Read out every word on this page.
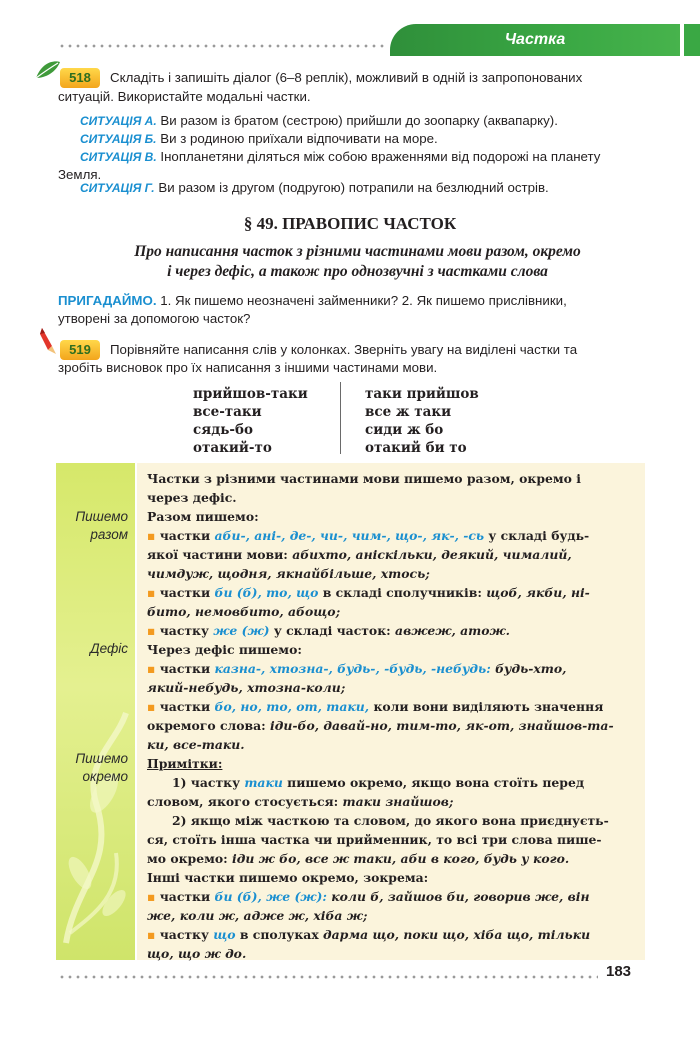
Частка
518	Складіть і запишіть діалог (6–8 реплік), можливий в одній із запропонованих
ситуацій. Використайте модальні частки.
СИТУАЦІЯ А. Ви разом із братом (сестрою) прийшли до зоопарку (аквапарку).
СИТУАЦІЯ Б. Ви з родиною приїхали відпочивати на море.
СИТУАЦІЯ В. Інопланетяни діляться між собою враженнями від подорожі на планету
Земля.
СИТУАЦІЯ Г. Ви разом із другом (подругою) потрапили на безлюдний острів.
§ 49. ПРАВОПИС ЧАСТОК
Про написання часток з різними частинами мови разом, окремо
і через дефіс, а також про однозвучні з частками слова
ПРИГАДАЙМО. 1. Як пишемо неозначені займенники? 2. Як пишемо прислівники,
утворені за допомогою часток?
519	Порівняйте написання слів у колонках. Зверніть увагу на виділені частки та
зробіть висновок про їх написання з іншими частинами мови.
прийшов-таки
все-таки
сядь-бо
отакий-то
таки прийшов
все ж таки
сиди ж бо
отакий би то
Пишемо
разом
Дефіс
Пишемо
окремо
Частки з різними частинами мови пишемо разом, окремо і
через дефіс.
Разом пишемо:
▪ частки аби-, ані-, де-, чи-, чим-, що-, як-, -сь у складі будь-
якої частини мови: абихто, аніскільки, деякий, чималий,
чимдуж, щодня, якнайбільше, хтось;
▪ частки би (б), то, що в складі сполучників: щоб, якби, ні-
бито, немовбито, абощо;
▪ частку же (ж) у складі часток: авжеж, атож.
Через дефіс пишемо:
▪ частки казна-, хтозна-, будь-, -будь, -небудь: будь-хто,
який-небудь, хтозна-коли;
▪ частки бо, но, то, от, таки, коли вони виділяють значення
окремого слова: іди-бо, давай-но, тим-то, як-от, знайшов-та-
ки, все-таки.
Примітки:
1) частку таки пишемо окремо, якщо вона стоїть перед
словом, якого стосується: таки знайшов;
2) якщо між часткою та словом, до якого вона приєднуєть-
ся, стоїть інша частка чи прийменник, то всі три слова пише-
мо окремо: іди ж бо, все ж таки, аби в кого, будь у кого.
Інші частки пишемо окремо, зокрема:
▪ частки би (б), же (ж): коли б, зайшов би, говорив же, він
же, коли ж, адже ж, хіба ж;
▪ частку що в сполуках дарма що, поки що, хіба що, тільки
що, що ж до.
183
